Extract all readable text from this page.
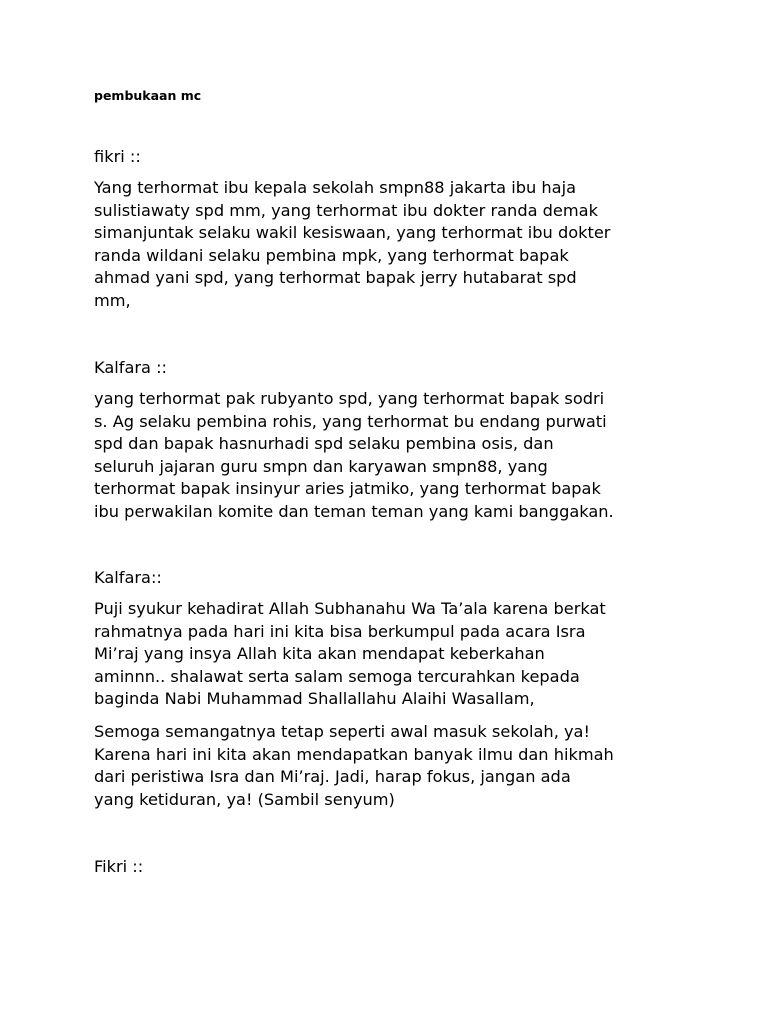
pembukaan mc
fikri ::
Yang terhormat ibu kepala sekolah smpn88 jakarta ibu haja
sulistiawaty spd mm, yang terhormat ibu dokter randa demak
simanjuntak selaku wakil kesiswaan, yang terhormat ibu dokter
randa wildani selaku pembina mpk, yang terhormat bapak
ahmad yani spd, yang terhormat bapak jerry hutabarat spd
mm,
Kalfara ::
yang terhormat pak rubyanto spd, yang terhormat bapak sodri
s. Ag selaku pembina rohis, yang terhormat bu endang purwati
spd dan bapak hasnurhadi spd selaku pembina osis, dan
seluruh jajaran guru smpn dan karyawan smpn88, yang
terhormat bapak insinyur aries jatmiko, yang terhormat bapak
ibu perwakilan komite dan teman teman yang kami banggakan.
Kalfara::
Puji syukur kehadirat Allah Subhanahu Wa Ta’ala karena berkat
rahmatnya pada hari ini kita bisa berkumpul pada acara Isra
Mi’raj yang insya Allah kita akan mendapat keberkahan
aminnn.. shalawat serta salam semoga tercurahkan kepada
baginda Nabi Muhammad Shallallahu Alaihi Wasallam,
Semoga semangatnya tetap seperti awal masuk sekolah, ya!
Karena hari ini kita akan mendapatkan banyak ilmu dan hikmah
dari peristiwa Isra dan Mi’raj. Jadi, harap fokus, jangan ada
yang ketiduran, ya! (Sambil senyum)
Fikri ::
